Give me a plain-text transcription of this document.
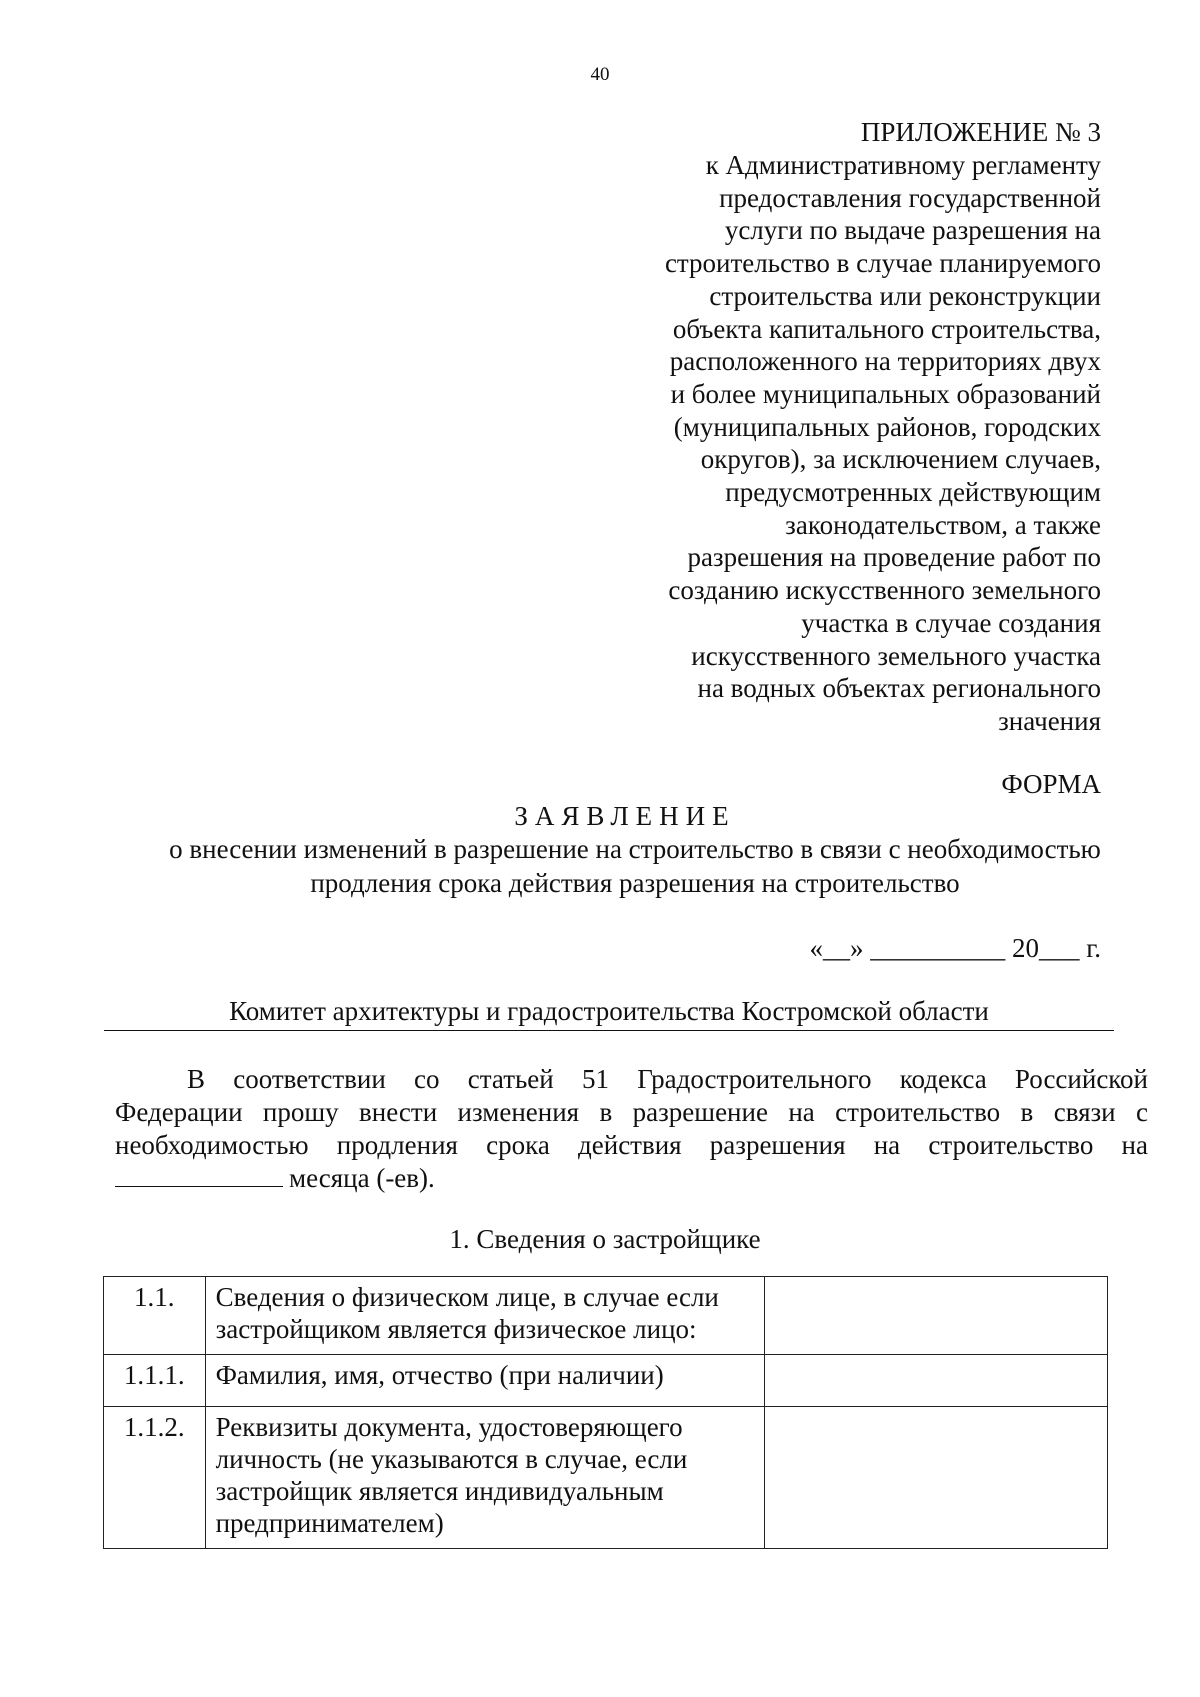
40
ПРИЛОЖЕНИЕ № 3
к Административному регламенту
предоставления государственной
услуги по выдаче разрешения на
строительство в случае планируемого
строительства или реконструкции
объекта капитального строительства,
расположенного на территориях двух
и более муниципальных образований
(муниципальных районов, городских
округов), за исключением случаев,
предусмотренных действующим
законодательством, а также
разрешения на проведение работ по
созданию искусственного земельного
участка в случае создания
искусственного земельного участка
на водных объектах регионального
значения
ФОРМА
ЗАЯВЛЕНИЕ
о внесении изменений в разрешение на строительство в связи с необходимостью
продления срока действия разрешения на строительство
«__» __________ 20___ г.
Комитет архитектуры и градостроительства Костромской области
В соответствии со статьей 51 Градостроительного кодекса Российской
Федерации прошу внести изменения в разрешение на строительство в связи с
необходимостью продления срока действия разрешения на строительство на
месяца (-ев).
1. Сведения о застройщике
1.1.	Сведения о физическом лице, в случае если застройщиком является физическое лицо:	
1.1.1.	Фамилия, имя, отчество (при наличии)	
1.1.2.	Реквизиты документа, удостоверяющего личность (не указываются в случае, если застройщик является индивидуальным предпринимателем)	
